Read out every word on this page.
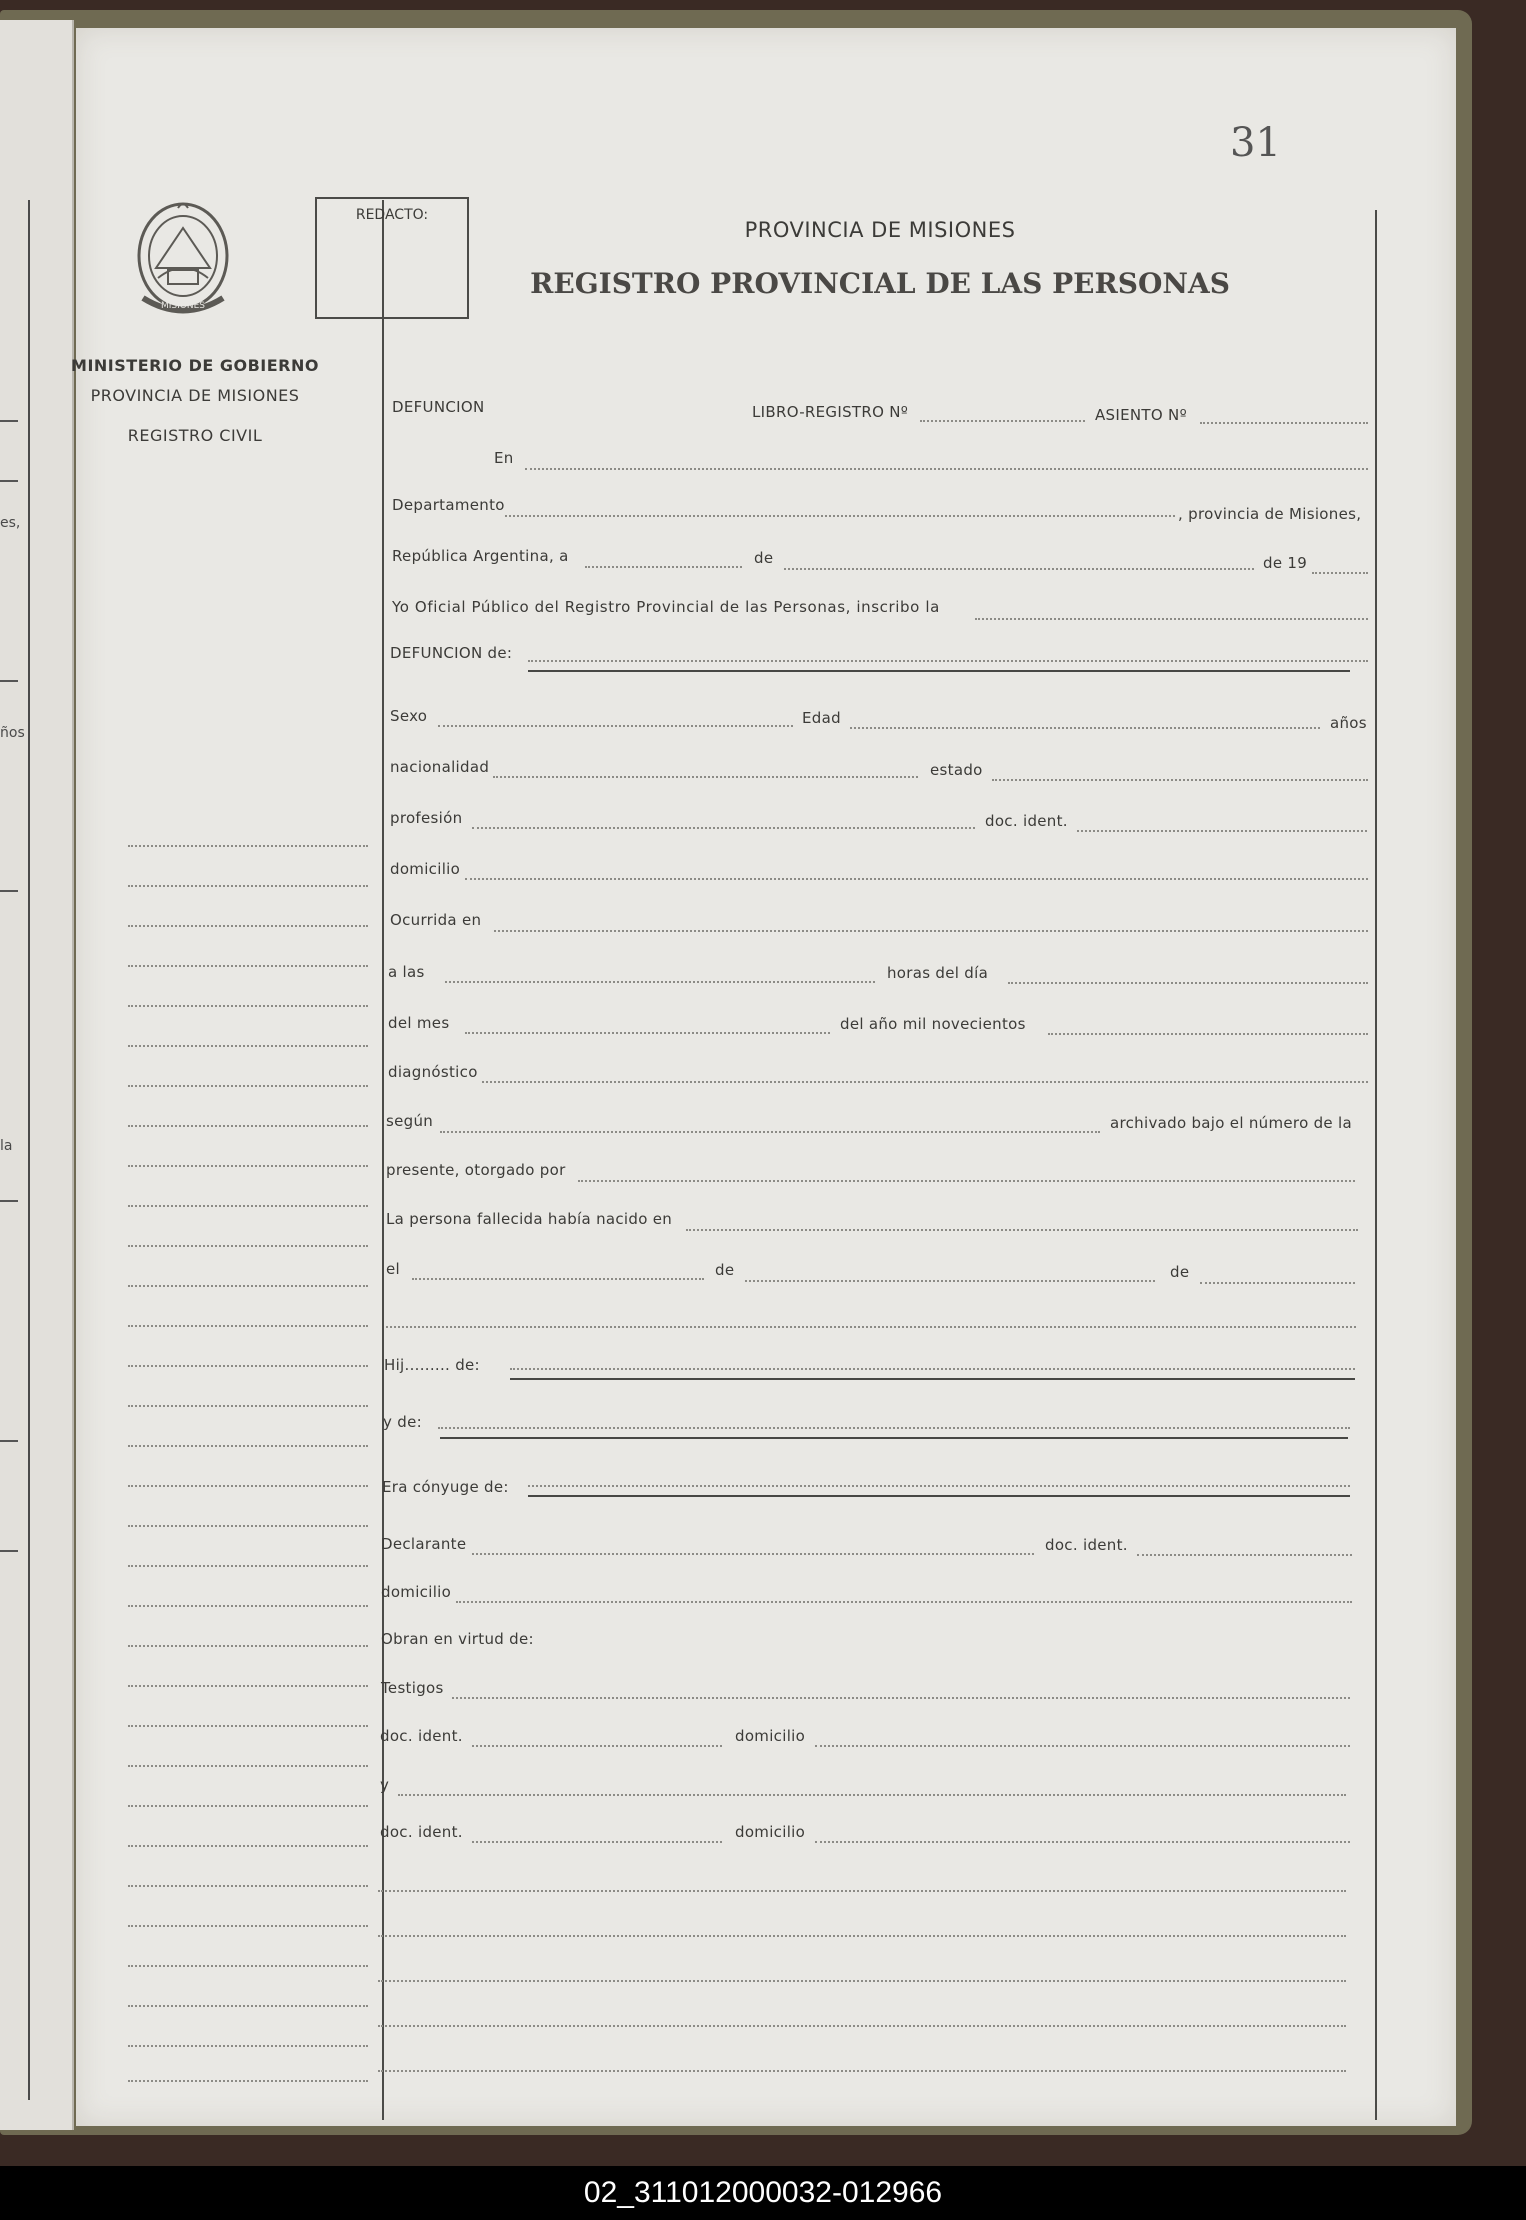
es,
ños
la
31
MISIONES
MINISTERIO DE GOBIERNO
PROVINCIA DE MISIONES
REGISTRO CIVIL
REDACTO:
PROVINCIA DE MISIONES
REGISTRO PROVINCIAL DE LAS PERSONAS
DEFUNCION	LIBRO-REGISTRO Nº	ASIENTO Nº
En
Departamento	, provincia de Misiones,
República Argentina, a	de	de 19
Yo Oficial Público del Registro Provincial de las Personas, inscribo la
DEFUNCION de:
Sexo	Edad	años
nacionalidad	estado
profesión	doc. ident.
domicilio
Ocurrida en
a las	horas del día
del mes	del año mil novecientos
diagnóstico
según	archivado bajo el número de la
presente, otorgado por
La persona fallecida había nacido en
el	de	de
Hij......... de:
y de:
Era cónyuge de:
Declarante	doc. ident.
domicilio
Obran en virtud de:
Testigos
doc. ident.	domicilio
y
doc. ident.	domicilio
02_311012000032-012966
